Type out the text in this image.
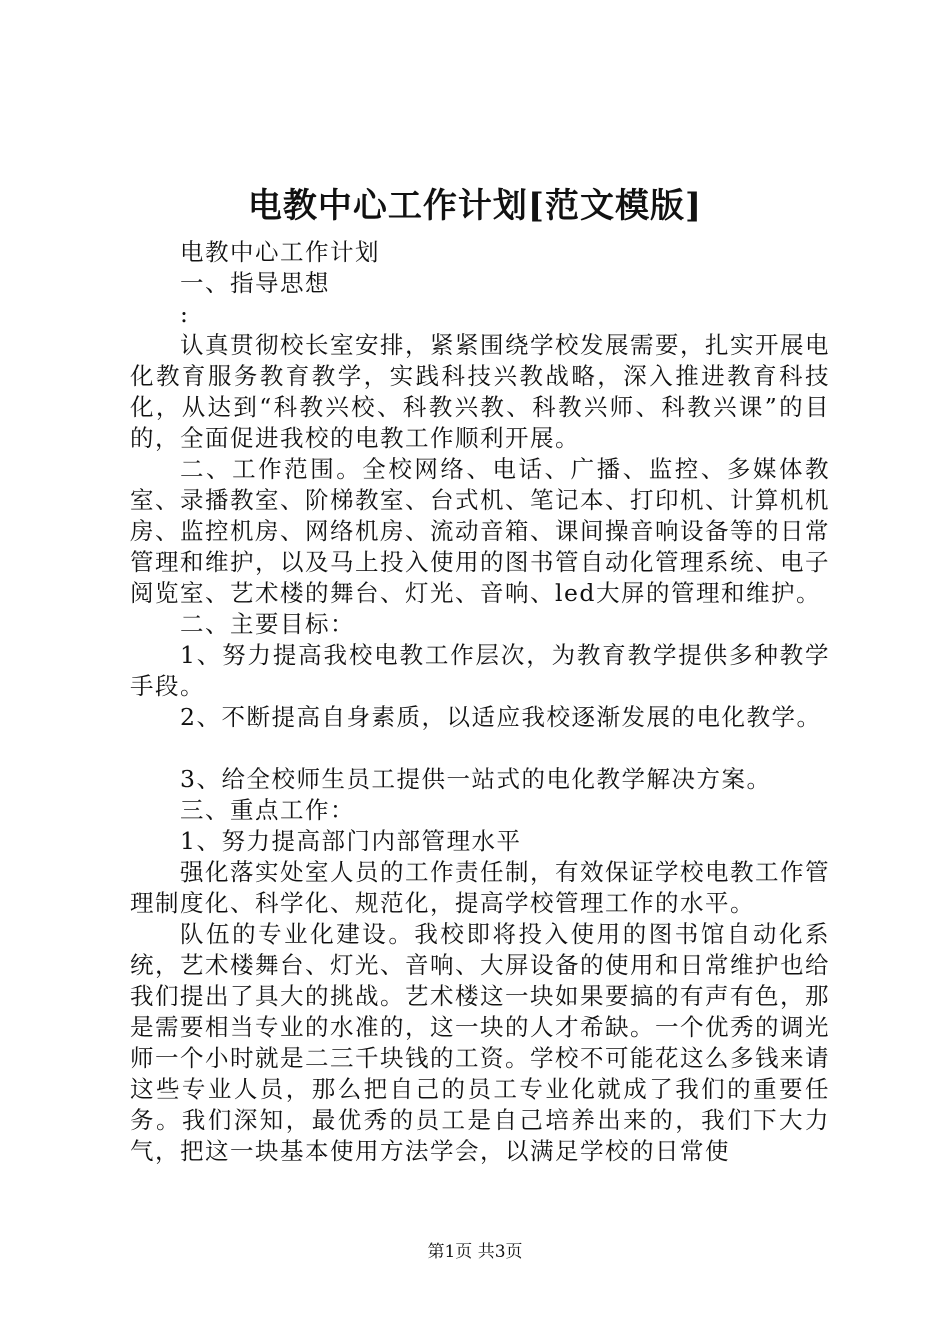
电教中心工作计划[范文模版]

电教中心工作计划

一、指导思想

:

认真贯彻校长室安排，紧紧围绕学校发展需要，扎实开展电化教育服务教育教学，实践科技兴教战略，深入推进教育科技化，从达到“科教兴校、科教兴教、科教兴师、科教兴课”的目的，全面促进我校的电教工作顺利开展。

二、工作范围。全校网络、电话、广播、监控、多媒体教室、录播教室、阶梯教室、台式机、笔记本、打印机、计算机机房、监控机房、网络机房、流动音箱、课间操音响设备等的日常管理和维护，以及马上投入使用的图书管自动化管理系统、电子阅览室、艺术楼的舞台、灯光、音响、led大屏的管理和维护。

二、主要目标：

1、努力提高我校电教工作层次，为教育教学提供多种教学手段。

2、不断提高自身素质，以适应我校逐渐发展的电化教学。

3、给全校师生员工提供一站式的电化教学解决方案。

三、重点工作：

1、努力提高部门内部管理水平

强化落实处室人员的工作责任制，有效保证学校电教工作管理制度化、科学化、规范化，提高学校管理工作的水平。

队伍的专业化建设。我校即将投入使用的图书馆自动化系统，艺术楼舞台、灯光、音响、大屏设备的使用和日常维护也给我们提出了具大的挑战。艺术楼这一块如果要搞的有声有色，那是需要相当专业的水准的，这一块的人才希缺。一个优秀的调光师一个小时就是二三千块钱的工资。学校不可能花这么多钱来请这些专业人员，那么把自己的员工专业化就成了我们的重要任务。我们深知，最优秀的员工是自己培养出来的，我们下大力气，把这一块基本使用方法学会，以满足学校的日常使

第1页 共3页
